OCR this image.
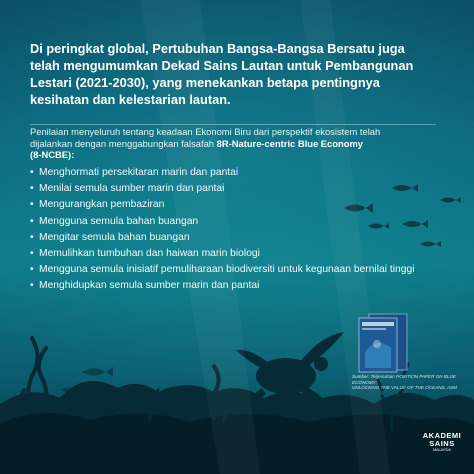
Di peringkat global, Pertubuhan Bangsa-Bangsa Bersatu juga
telah mengumumkan Dekad Sains Lautan untuk Pembangunan
Lestari (2021-2030), yang menekankan betapa pentingnya
kesihatan dan kelestarian lautan.
Penilaian menyeluruh tentang keadaan Ekonomi Biru dari perspektif ekosistem telah
dijalankan dengan menggabungkan falsafah 8R-Nature-centric Blue Economy
(8-NCBE):
• Menghormati persekitaran marin dan pantai
• Menilai semula sumber marin dan pantai
• Mengurangkan pembaziran
• Mengguna semula bahan buangan
• Mengitar semula bahan buangan
• Memulihkan tumbuhan dan haiwan marin biologi
• Mengguna semula inisiatif pemuliharaan biodiversiti untuk kegunaan bernilai tinggi
• Menghidupkan semula sumber marin dan pantai
Sumber: Terjemahan POSITION PAPER ON BLUE ECONOMY:
UNLOCKING THE VALUE OF THE OCEANS, ASM
AKADEMI
SAINS
MALAYSIA
